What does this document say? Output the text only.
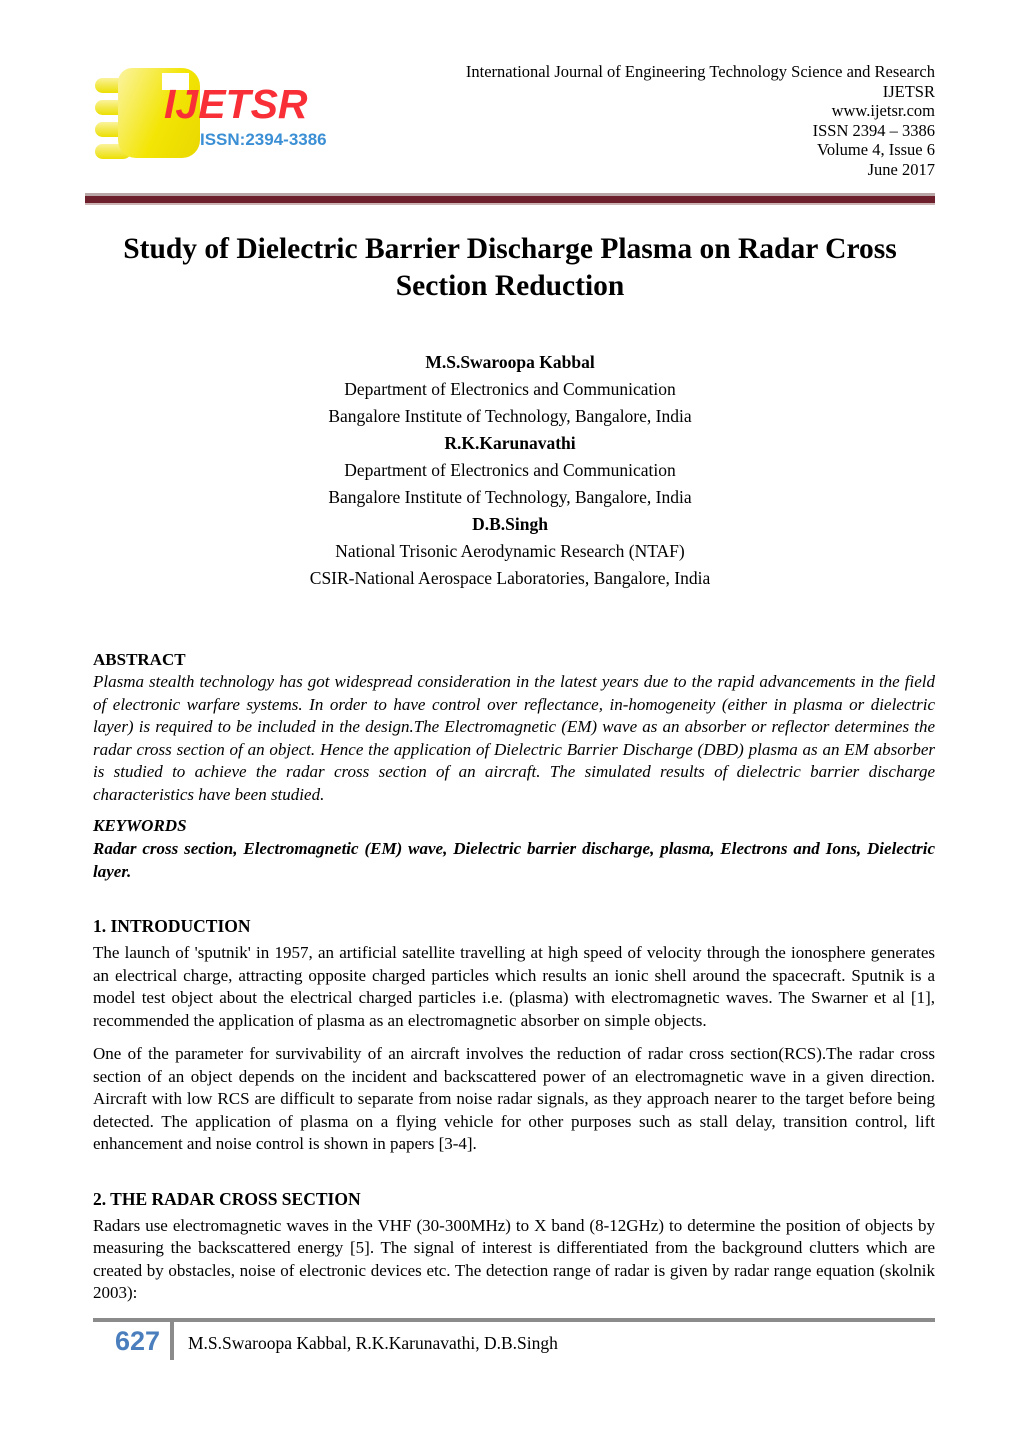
IJETSR
ISSN:2394-3386
International Journal of Engineering Technology Science and Research
IJETSR
www.ijetsr.com
ISSN 2394 – 3386
Volume 4, Issue 6
June 2017
Study of Dielectric Barrier Discharge Plasma on Radar Cross Section Reduction
M.S.Swaroopa Kabbal
Department of Electronics and Communication
Bangalore Institute of Technology, Bangalore, India
R.K.Karunavathi
Department of Electronics and Communication
Bangalore Institute of Technology, Bangalore, India
D.B.Singh
National Trisonic Aerodynamic Research (NTAF)
CSIR-National Aerospace Laboratories, Bangalore, India
ABSTRACT
Plasma stealth technology has got widespread consideration in the latest years due to the rapid advancements in the field of electronic warfare systems. In order to have control over reflectance, in-homogeneity (either in plasma or dielectric layer) is required to be included in the design.The Electromagnetic (EM) wave as an absorber or reflector determines the radar cross section of an object. Hence the application of Dielectric Barrier Discharge (DBD) plasma as an EM absorber is studied to achieve the radar cross section of an aircraft. The simulated results of dielectric barrier discharge characteristics have been studied.
KEYWORDS
Radar cross section, Electromagnetic (EM) wave, Dielectric barrier discharge, plasma, Electrons and Ions, Dielectric layer.
1. INTRODUCTION
The launch of 'sputnik' in 1957, an artificial satellite travelling at high speed of velocity through the ionosphere generates an electrical charge, attracting opposite charged particles which results an ionic shell around the spacecraft. Sputnik is a model test object about the electrical charged particles i.e. (plasma) with electromagnetic waves. The Swarner et al [1], recommended the application of plasma as an electromagnetic absorber on simple objects.
One of the parameter for survivability of an aircraft involves the reduction of radar cross section(RCS).The radar cross section of an object depends on the incident and backscattered power of an electromagnetic wave in a given direction. Aircraft with low RCS are difficult to separate from noise radar signals, as they approach nearer to the target before being detected. The application of plasma on a flying vehicle for other purposes such as stall delay, transition control, lift enhancement and noise control is shown in papers [3-4].
2. THE RADAR CROSS SECTION
Radars use electromagnetic waves in the VHF (30-300MHz) to X band (8-12GHz) to determine the position of objects by measuring the backscattered energy [5]. The signal of interest is differentiated from the background clutters which are created by obstacles, noise of electronic devices etc. The detection range of radar is given by radar range equation (skolnik 2003):
627	M.S.Swaroopa Kabbal, R.K.Karunavathi, D.B.Singh
